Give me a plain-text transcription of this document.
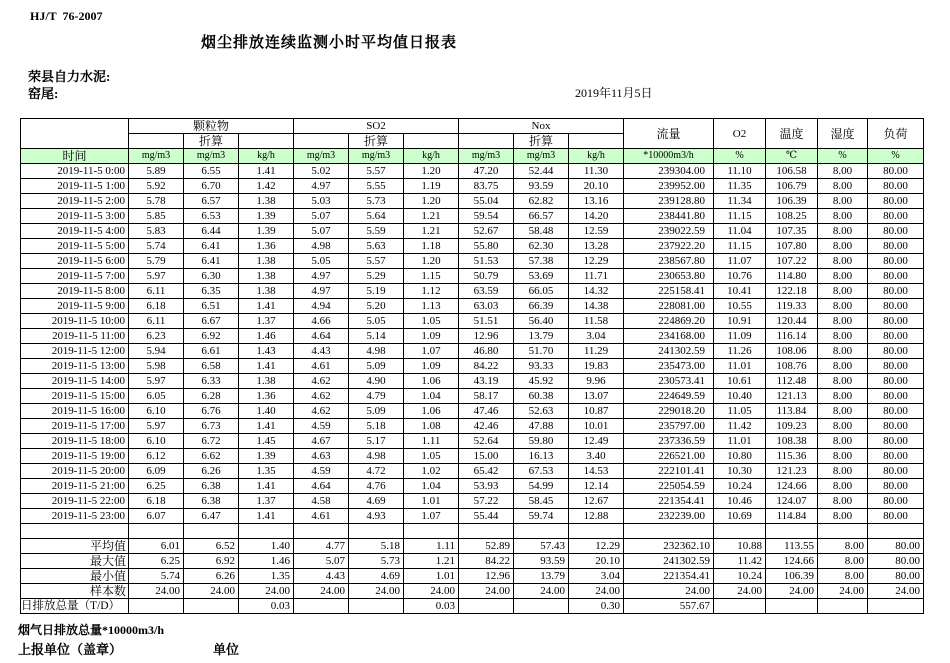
HJ/T  76-2007
烟尘排放连续监测小时平均值日报表
荣县自力水泥:
窑尾:	2019年11月5日
	颗粒物			SO2			Nox			流量	O2	温度	湿度	负荷
		折算			折算			折算						
时间	mg/m3	mg/m3	kg/h	mg/m3	mg/m3	kg/h	mg/m3	mg/m3	kg/h	*10000m3/h	%	℃	%	%
2019-11-5 0:00	5.89	6.55	1.41	5.02	5.57	1.20	47.20	52.44	11.30	239304.00	11.10	106.58	8.00	80.00
2019-11-5 1:00	5.92	6.70	1.42	4.97	5.55	1.19	83.75	93.59	20.10	239952.00	11.35	106.79	8.00	80.00
2019-11-5 2:00	5.78	6.57	1.38	5.03	5.73	1.20	55.04	62.82	13.16	239128.80	11.34	106.39	8.00	80.00
2019-11-5 3:00	5.85	6.53	1.39	5.07	5.64	1.21	59.54	66.57	14.20	238441.80	11.15	108.25	8.00	80.00
2019-11-5 4:00	5.83	6.44	1.39	5.07	5.59	1.21	52.67	58.48	12.59	239022.59	11.04	107.35	8.00	80.00
2019-11-5 5:00	5.74	6.41	1.36	4.98	5.63	1.18	55.80	62.30	13.28	237922.20	11.15	107.80	8.00	80.00
2019-11-5 6:00	5.79	6.41	1.38	5.05	5.57	1.20	51.53	57.38	12.29	238567.80	11.07	107.22	8.00	80.00
2019-11-5 7:00	5.97	6.30	1.38	4.97	5.29	1.15	50.79	53.69	11.71	230653.80	10.76	114.80	8.00	80.00
2019-11-5 8:00	6.11	6.35	1.38	4.97	5.19	1.12	63.59	66.05	14.32	225158.41	10.41	122.18	8.00	80.00
2019-11-5 9:00	6.18	6.51	1.41	4.94	5.20	1.13	63.03	66.39	14.38	228081.00	10.55	119.33	8.00	80.00
2019-11-5 10:00	6.11	6.67	1.37	4.66	5.05	1.05	51.51	56.40	11.58	224869.20	10.91	120.44	8.00	80.00
2019-11-5 11:00	6.23	6.92	1.46	4.64	5.14	1.09	12.96	13.79	3.04	234168.00	11.09	116.14	8.00	80.00
2019-11-5 12:00	5.94	6.61	1.43	4.43	4.98	1.07	46.80	51.70	11.29	241302.59	11.26	108.06	8.00	80.00
2019-11-5 13:00	5.98	6.58	1.41	4.61	5.09	1.09	84.22	93.33	19.83	235473.00	11.01	108.76	8.00	80.00
2019-11-5 14:00	5.97	6.33	1.38	4.62	4.90	1.06	43.19	45.92	9.96	230573.41	10.61	112.48	8.00	80.00
2019-11-5 15:00	6.05	6.28	1.36	4.62	4.79	1.04	58.17	60.38	13.07	224649.59	10.40	121.13	8.00	80.00
2019-11-5 16:00	6.10	6.76	1.40	4.62	5.09	1.06	47.46	52.63	10.87	229018.20	11.05	113.84	8.00	80.00
2019-11-5 17:00	5.97	6.73	1.41	4.59	5.18	1.08	42.46	47.88	10.01	235797.00	11.42	109.23	8.00	80.00
2019-11-5 18:00	6.10	6.72	1.45	4.67	5.17	1.11	52.64	59.80	12.49	237336.59	11.01	108.38	8.00	80.00
2019-11-5 19:00	6.12	6.62	1.39	4.63	4.98	1.05	15.00	16.13	3.40	226521.00	10.80	115.36	8.00	80.00
2019-11-5 20:00	6.09	6.26	1.35	4.59	4.72	1.02	65.42	67.53	14.53	222101.41	10.30	121.23	8.00	80.00
2019-11-5 21:00	6.25	6.38	1.41	4.64	4.76	1.04	53.93	54.99	12.14	225054.59	10.24	124.66	8.00	80.00
2019-11-5 22:00	6.18	6.38	1.37	4.58	4.69	1.01	57.22	58.45	12.67	221354.41	10.46	124.07	8.00	80.00
2019-11-5 23:00	6.07	6.47	1.41	4.61	4.93	1.07	55.44	59.74	12.88	232239.00	10.69	114.84	8.00	80.00

平均值	6.01	6.52	1.40	4.77	5.18	1.11	52.89	57.43	12.29	232362.10	10.88	113.55	8.00	80.00
最大值	6.25	6.92	1.46	5.07	5.73	1.21	84.22	93.59	20.10	241302.59	11.42	124.66	8.00	80.00
最小值	5.74	6.26	1.35	4.43	4.69	1.01	12.96	13.79	3.04	221354.41	10.24	106.39	8.00	80.00
样本数	24.00	24.00	24.00	24.00	24.00	24.00	24.00	24.00	24.00	24.00	24.00	24.00	24.00	24.00
日排放总量（T/D）			0.03			0.03			0.30	557.67				
烟气日排放总量*10000m3/h
上报单位（盖章）	单位
